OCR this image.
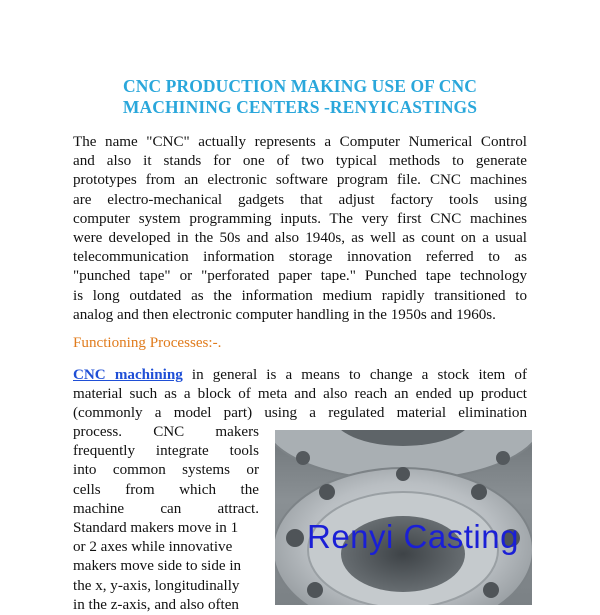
CNC PRODUCTION MAKING USE OF CNC
MACHINING CENTERS -RENYICASTINGS
The name "CNC" actually represents a Computer Numerical Control
and also it stands for one of two typical methods to generate
prototypes from an electronic software program file. CNC machines
are electro-mechanical gadgets that adjust factory tools using
computer system programming inputs. The very first CNC machines
were developed in the 50s and also 1940s, as well as count on a usual
telecommunication information storage innovation referred to as
"punched tape" or "perforated paper tape." Punched tape technology
is long outdated as the information medium rapidly transitioned to
analog and then electronic computer handling in the 1950s and 1960s.
Functioning Processes:-.
CNC machining in general is a means to change a stock item of
material such as a block of meta and also reach an ended up product
(commonly a model part) using a regulated material elimination
process. CNC makers
frequently integrate tools
into common systems or
cells from which the
machine can attract.
Standard makers move in 1
or 2 axes while innovative
makers move side to side in
the x, y-axis, longitudinally
in the z-axis, and also often
Renyi Casting
